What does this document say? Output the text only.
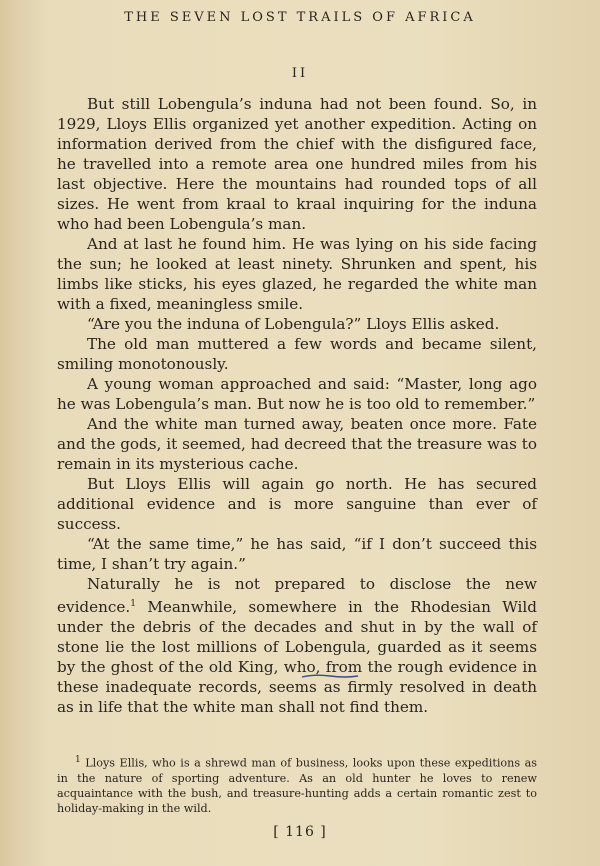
THE SEVEN LOST TRAILS OF AFRICA
II

But still Lobengula’s induna had not been found. So, in 1929, Lloys Ellis organized yet another expedition. Acting on information derived from the chief with the disfigured face, he travelled into a remote area one hundred miles from his last objective. Here the mountains had rounded tops of all sizes. He went from kraal to kraal inquiring for the induna who had been Lobengula’s man.

And at last he found him. He was lying on his side facing the sun; he looked at least ninety. Shrunken and spent, his limbs like sticks, his eyes glazed, he regarded the white man with a fixed, meaningless smile.

“Are you the induna of Lobengula?” Lloys Ellis asked.

The old man muttered a few words and became silent, smiling monotonously.

A young woman approached and said: “Master, long ago he was Lobengula’s man. But now he is too old to remember.”

And the white man turned away, beaten once more. Fate and the gods, it seemed, had decreed that the treasure was to remain in its mysterious cache.

But Lloys Ellis will again go north. He has secured additional evidence and is more sanguine than ever of success.

“At the same time,” he has said, “if I don’t succeed this time, I shan’t try again.”

Naturally he is not prepared to disclose the new evidence.$^1$ Meanwhile, somewhere in the Rhodesian Wild under the debris of the decades and shut in by the wall of stone lie the lost millions of Lobengula, guarded as it seems by the ghost of the old King, who, from the rough evidence in these inadequate records, seems as firmly resolved in death as in life that the white man shall not find them.

$^1$ Lloys Ellis, who is a shrewd man of business, looks upon these expeditions as in the nature of sporting adventure. As an old hunter he loves to renew acquaintance with the bush, and treasure-hunting adds a certain romantic zest to holiday-making in the wild.

[ 116 ]
